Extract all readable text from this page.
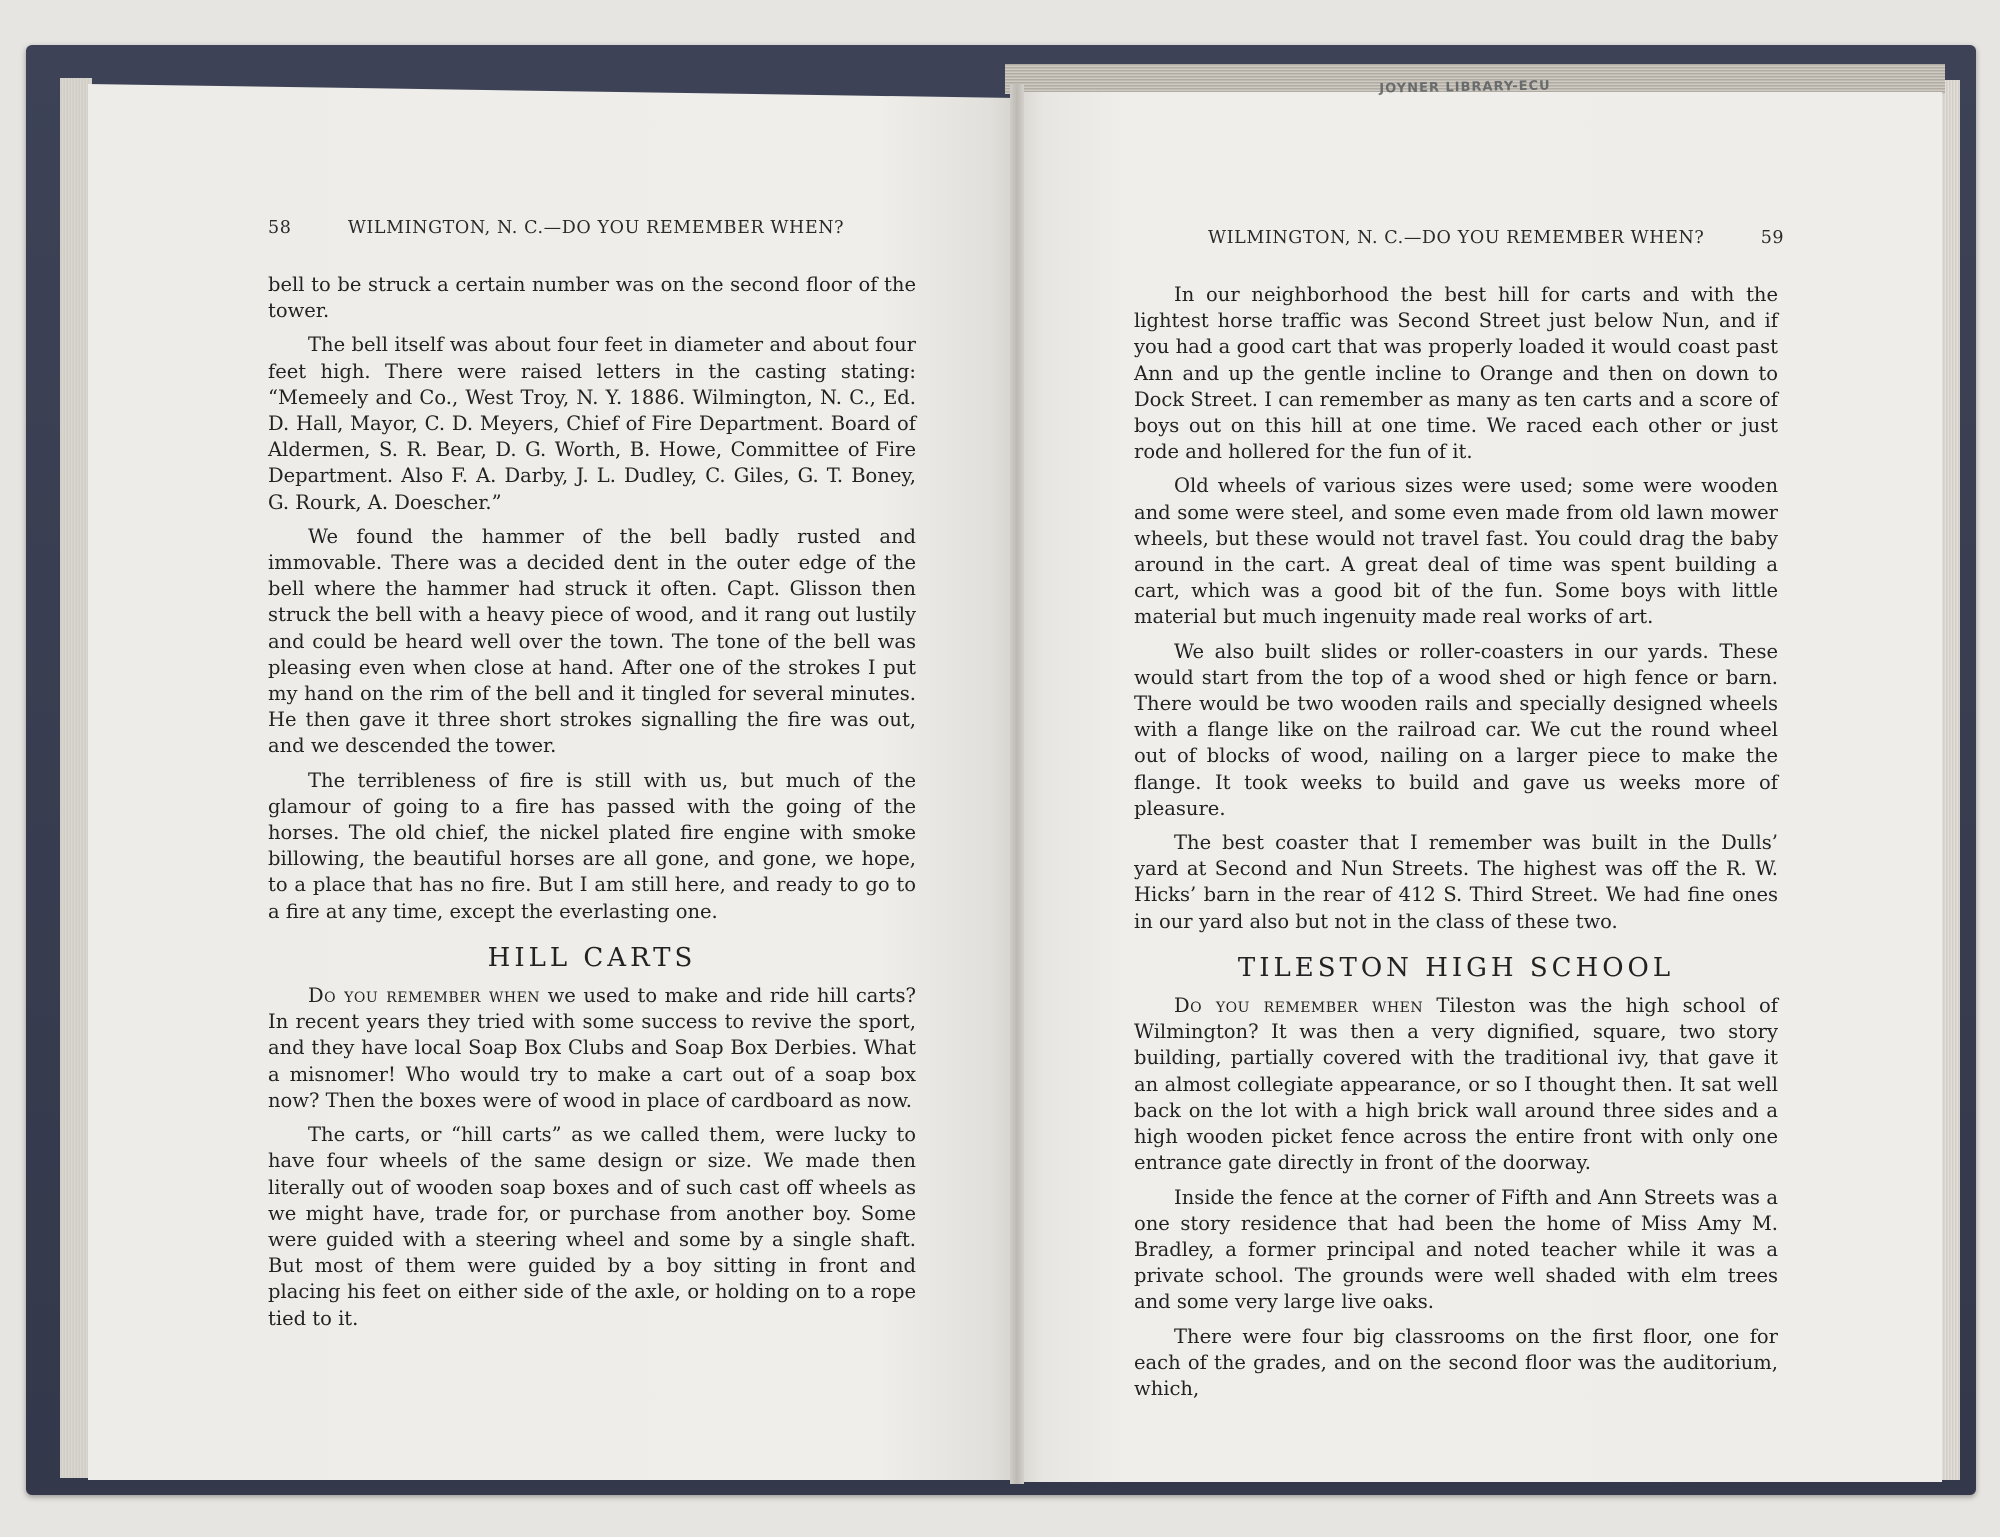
JOYNER LIBRARY-ECU
58	WILMINGTON, N. C.—DO YOU REMEMBER WHEN?

bell to be struck a certain number was on the second floor of the tower.

The bell itself was about four feet in diameter and about four feet high. There were raised letters in the casting stating: “Memeely and Co., West Troy, N. Y. 1886. Wilmington, N. C., Ed. D. Hall, Mayor, C. D. Meyers, Chief of Fire Department. Board of Aldermen, S. R. Bear, D. G. Worth, B. Howe, Committee of Fire Department. Also F. A. Darby, J. L. Dudley, C. Giles, G. T. Boney, G. Rourk, A. Doescher.”

We found the hammer of the bell badly rusted and immovable. There was a decided dent in the outer edge of the bell where the hammer had struck it often. Capt. Glisson then struck the bell with a heavy piece of wood, and it rang out lustily and could be heard well over the town. The tone of the bell was pleasing even when close at hand. After one of the strokes I put my hand on the rim of the bell and it tingled for several minutes. He then gave it three short strokes signalling the fire was out, and we descended the tower.

The terribleness of fire is still with us, but much of the glamour of going to a fire has passed with the going of the horses. The old chief, the nickel plated fire engine with smoke billowing, the beautiful horses are all gone, and gone, we hope, to a place that has no fire. But I am still here, and ready to go to a fire at any time, except the everlasting one.

HILL CARTS

Do you remember when we used to make and ride hill carts? In recent years they tried with some success to revive the sport, and they have local Soap Box Clubs and Soap Box Derbies. What a misnomer! Who would try to make a cart out of a soap box now? Then the boxes were of wood in place of cardboard as now.

The carts, or “hill carts” as we called them, were lucky to have four wheels of the same design or size. We made then literally out of wooden soap boxes and of such cast off wheels as we might have, trade for, or purchase from another boy. Some were guided with a steering wheel and some by a single shaft. But most of them were guided by a boy sitting in front and placing his feet on either side of the axle, or holding on to a rope tied to it.

WILMINGTON, N. C.—DO YOU REMEMBER WHEN?	59

In our neighborhood the best hill for carts and with the lightest horse traffic was Second Street just below Nun, and if you had a good cart that was properly loaded it would coast past Ann and up the gentle incline to Orange and then on down to Dock Street. I can remember as many as ten carts and a score of boys out on this hill at one time. We raced each other or just rode and hollered for the fun of it.

Old wheels of various sizes were used; some were wooden and some were steel, and some even made from old lawn mower wheels, but these would not travel fast. You could drag the baby around in the cart. A great deal of time was spent building a cart, which was a good bit of the fun. Some boys with little material but much ingenuity made real works of art.

We also built slides or roller-coasters in our yards. These would start from the top of a wood shed or high fence or barn. There would be two wooden rails and specially designed wheels with a flange like on the railroad car. We cut the round wheel out of blocks of wood, nailing on a larger piece to make the flange. It took weeks to build and gave us weeks more of pleasure.

The best coaster that I remember was built in the Dulls’ yard at Second and Nun Streets. The highest was off the R. W. Hicks’ barn in the rear of 412 S. Third Street. We had fine ones in our yard also but not in the class of these two.

TILESTON HIGH SCHOOL

Do you remember when Tileston was the high school of Wilmington? It was then a very dignified, square, two story building, partially covered with the traditional ivy, that gave it an almost collegiate appearance, or so I thought then. It sat well back on the lot with a high brick wall around three sides and a high wooden picket fence across the entire front with only one entrance gate directly in front of the doorway.

Inside the fence at the corner of Fifth and Ann Streets was a one story residence that had been the home of Miss Amy M. Bradley, a former principal and noted teacher while it was a private school. The grounds were well shaded with elm trees and some very large live oaks.

There were four big classrooms on the first floor, one for each of the grades, and on the second floor was the auditorium, which,
